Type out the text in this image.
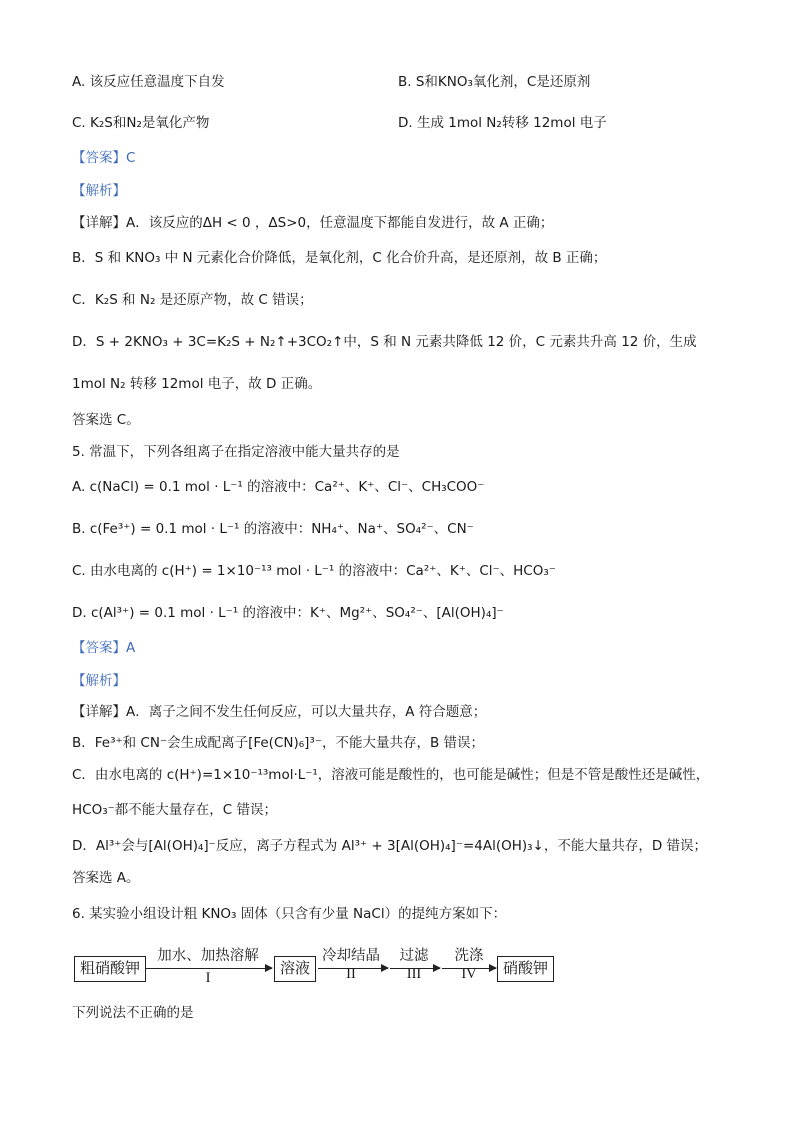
A. 该反应任意温度下自发	B. S和KNO₃氧化剂，C是还原剂
C. K₂S和N₂是氧化产物	D. 生成 1mol N₂转移 12mol 电子
【答案】C
【解析】
【详解】A．该反应的ΔH < 0 ，ΔS>0，任意温度下都能自发进行，故 A 正确；
B．S 和 KNO₃ 中 N 元素化合价降低，是氧化剂，C 化合价升高，是还原剂，故 B 正确；
C．K₂S 和 N₂ 是还原产物，故 C 错误；
D．S + 2KNO₃ + 3C=K₂S + N₂↑+3CO₂↑中，S 和 N 元素共降低 12 价，C 元素共升高 12 价，生成
1mol N₂ 转移 12mol 电子，故 D 正确。
答案选 C。
5. 常温下，下列各组离子在指定溶液中能大量共存的是
A. c(NaCl) = 0.1 mol · L⁻¹ 的溶液中：Ca²⁺、K⁺、Cl⁻、CH₃COO⁻
B. c(Fe³⁺) = 0.1 mol · L⁻¹ 的溶液中：NH₄⁺、Na⁺、SO₄²⁻、CN⁻
C. 由水电离的 c(H⁺) = 1×10⁻¹³ mol · L⁻¹ 的溶液中：Ca²⁺、K⁺、Cl⁻、HCO₃⁻
D. c(Al³⁺) = 0.1 mol · L⁻¹ 的溶液中：K⁺、Mg²⁺、SO₄²⁻、[Al(OH)₄]⁻
【答案】A
【解析】
【详解】A．离子之间不发生任何反应，可以大量共存，A 符合题意；
B．Fe³⁺和 CN⁻会生成配离子[Fe(CN)₆]³⁻，不能大量共存，B 错误；
C．由水电离的 c(H⁺)=1×10⁻¹³mol·L⁻¹，溶液可能是酸性的，也可能是碱性；但是不管是酸性还是碱性，
HCO₃⁻都不能大量存在，C 错误；
D．Al³⁺会与[Al(OH)₄]⁻反应，离子方程式为 Al³⁺ + 3[Al(OH)₄]⁻=4Al(OH)₃↓，不能大量共存，D 错误；
答案选 A。
6. 某实验小组设计粗 KNO₃ 固体（只含有少量 NaCl）的提纯方案如下：
粗硝酸钾
加水、加热溶解
I
溶液
冷却结晶
II
过滤
III
洗涤
IV	硝酸钾
下列说法不正确的是
